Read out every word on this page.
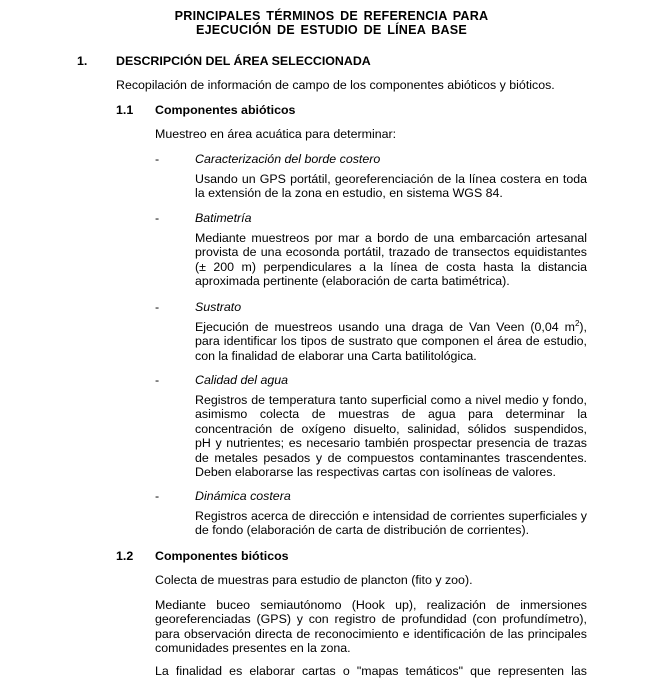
PRINCIPALES TÉRMINOS DE REFERENCIA PARA
EJECUCIÓN DE ESTUDIO DE LÍNEA BASE
1. DESCRIPCIÓN DEL ÁREA SELECCIONADA
Recopilación de información de campo de los componentes abióticos y bióticos.
1.1 Componentes abióticos
Muestreo en área acuática para determinar:
-	Caracterización del borde costero
Usando un GPS portátil, georeferenciación de la línea costera en toda
la extensión de la zona en estudio, en sistema WGS 84.
-	Batimetría
Mediante muestreos por mar a bordo de una embarcación artesanal
provista de una ecosonda portátil, trazado de transectos equidistantes
(± 200 m) perpendiculares a la línea de costa hasta la distancia
aproximada pertinente (elaboración de carta batimétrica).
-	Sustrato
Ejecución de muestreos usando una draga de Van Veen (0,04 $m^2$),
para identificar los tipos de sustrato que componen el área de estudio,
con la finalidad de elaborar una Carta batilitológica.
-	Calidad del agua
Registros de temperatura tanto superficial como a nivel medio y fondo,
asimismo colecta de muestras de agua para determinar la
concentración de oxígeno disuelto, salinidad, sólidos suspendidos,
pH y nutrientes; es necesario también prospectar presencia de trazas
de metales pesados y de compuestos contaminantes trascendentes.
Deben elaborarse las respectivas cartas con isolíneas de valores.
-	Dinámica costera
Registros acerca de dirección e intensidad de corrientes superficiales y
de fondo (elaboración de carta de distribución de corrientes).
1.2 Componentes bióticos
Colecta de muestras para estudio de plancton (fito y zoo).
Mediante buceo semiautónomo (Hook up), realización de inmersiones
georeferenciadas (GPS) y con registro de profundidad (con profundímetro),
para observación directa de reconocimiento e identificación de las principales
comunidades presentes en la zona.
La finalidad es elaborar cartas o "mapas temáticos" que representen las
